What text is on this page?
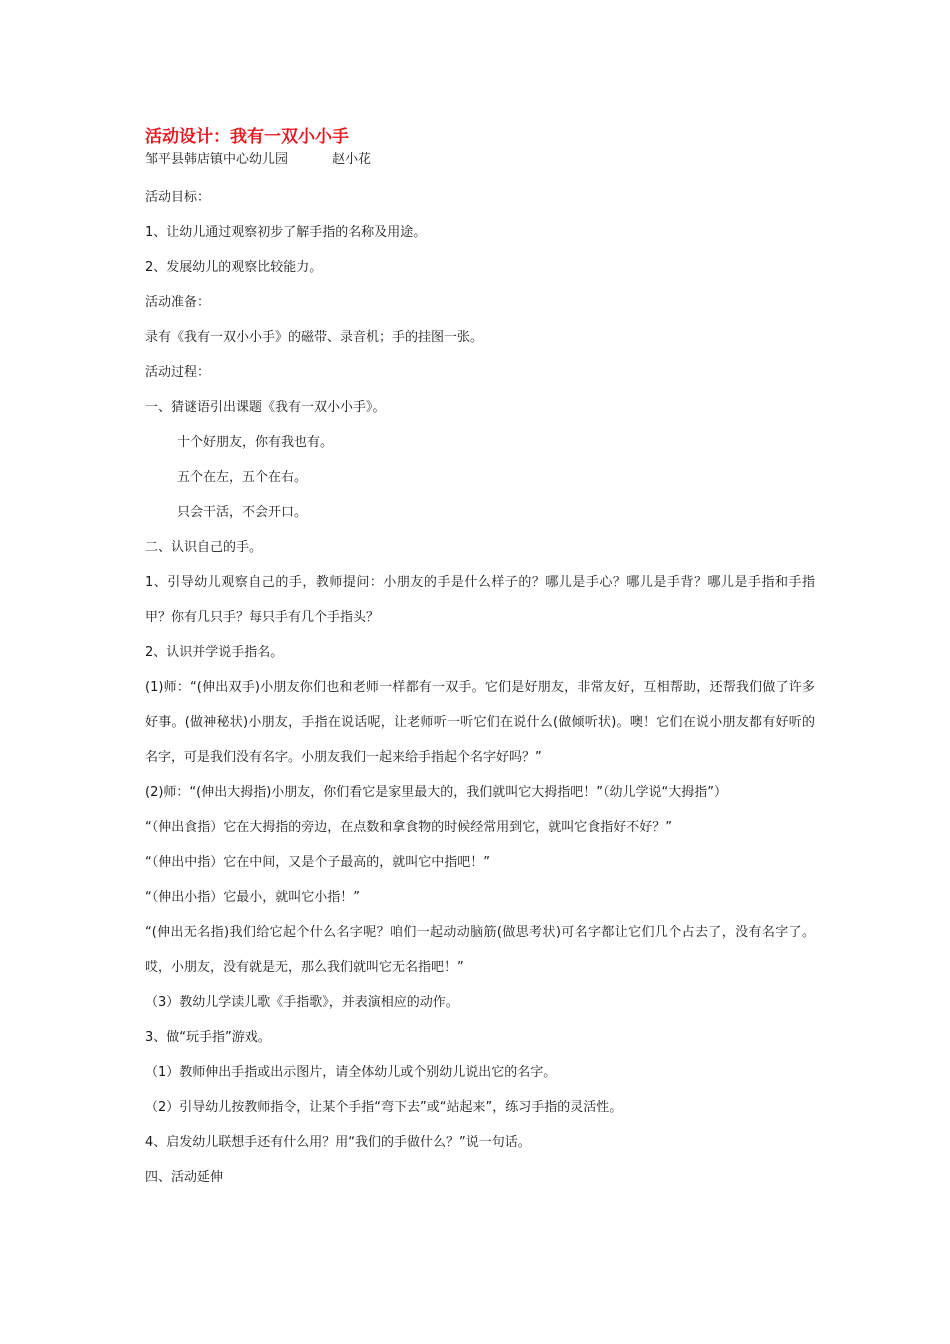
活动设计：我有一双小小手

邹平县韩店镇中心幼儿园	赵小花

活动目标：

1、让幼儿通过观察初步了解手指的名称及用途。

2、发展幼儿的观察比较能力。

活动准备：

录有《我有一双小小手》的磁带、录音机；手的挂图一张。

活动过程：

一、猜谜语引出课题《我有一双小小手》。

十个好朋友，你有我也有。

五个在左，五个在右。

只会干活，不会开口。

二、认识自己的手。

1、引导幼儿观察自己的手，教师提问：小朋友的手是什么样子的？哪儿是手心？哪儿是手背？哪儿是手指和手指甲？你有几只手？每只手有几个手指头？

2、认识并学说手指名。

(1)师：“(伸出双手)小朋友你们也和老师一样都有一双手。它们是好朋友，非常友好，互相帮助，还帮我们做了许多好事。(做神秘状)小朋友，手指在说话呢，让老师听一听它们在说什么(做倾听状)。噢！它们在说小朋友都有好听的名字，可是我们没有名字。小朋友我们一起来给手指起个名字好吗？”

(2)师：“(伸出大拇指)小朋友，你们看它是家里最大的，我们就叫它大拇指吧！”（幼儿学说“大拇指”）

“（伸出食指）它在大拇指的旁边，在点数和拿食物的时候经常用到它，就叫它食指好不好？”

“（伸出中指）它在中间，又是个子最高的，就叫它中指吧！”

“（伸出小指）它最小，就叫它小指！”

“(伸出无名指)我们给它起个什么名字呢？咱们一起动动脑筋(做思考状)可名字都让它们几个占去了，没有名字了。哎，小朋友，没有就是无，那么我们就叫它无名指吧！”

（3）教幼儿学读儿歌《手指歌》，并表演相应的动作。

3、做“玩手指”游戏。

（1）教师伸出手指或出示图片，请全体幼儿或个别幼儿说出它的名字。

（2）引导幼儿按教师指令，让某个手指“弯下去”或“站起来”，练习手指的灵活性。

4、启发幼儿联想手还有什么用？用“我们的手做什么？”说一句话。

四、活动延伸
